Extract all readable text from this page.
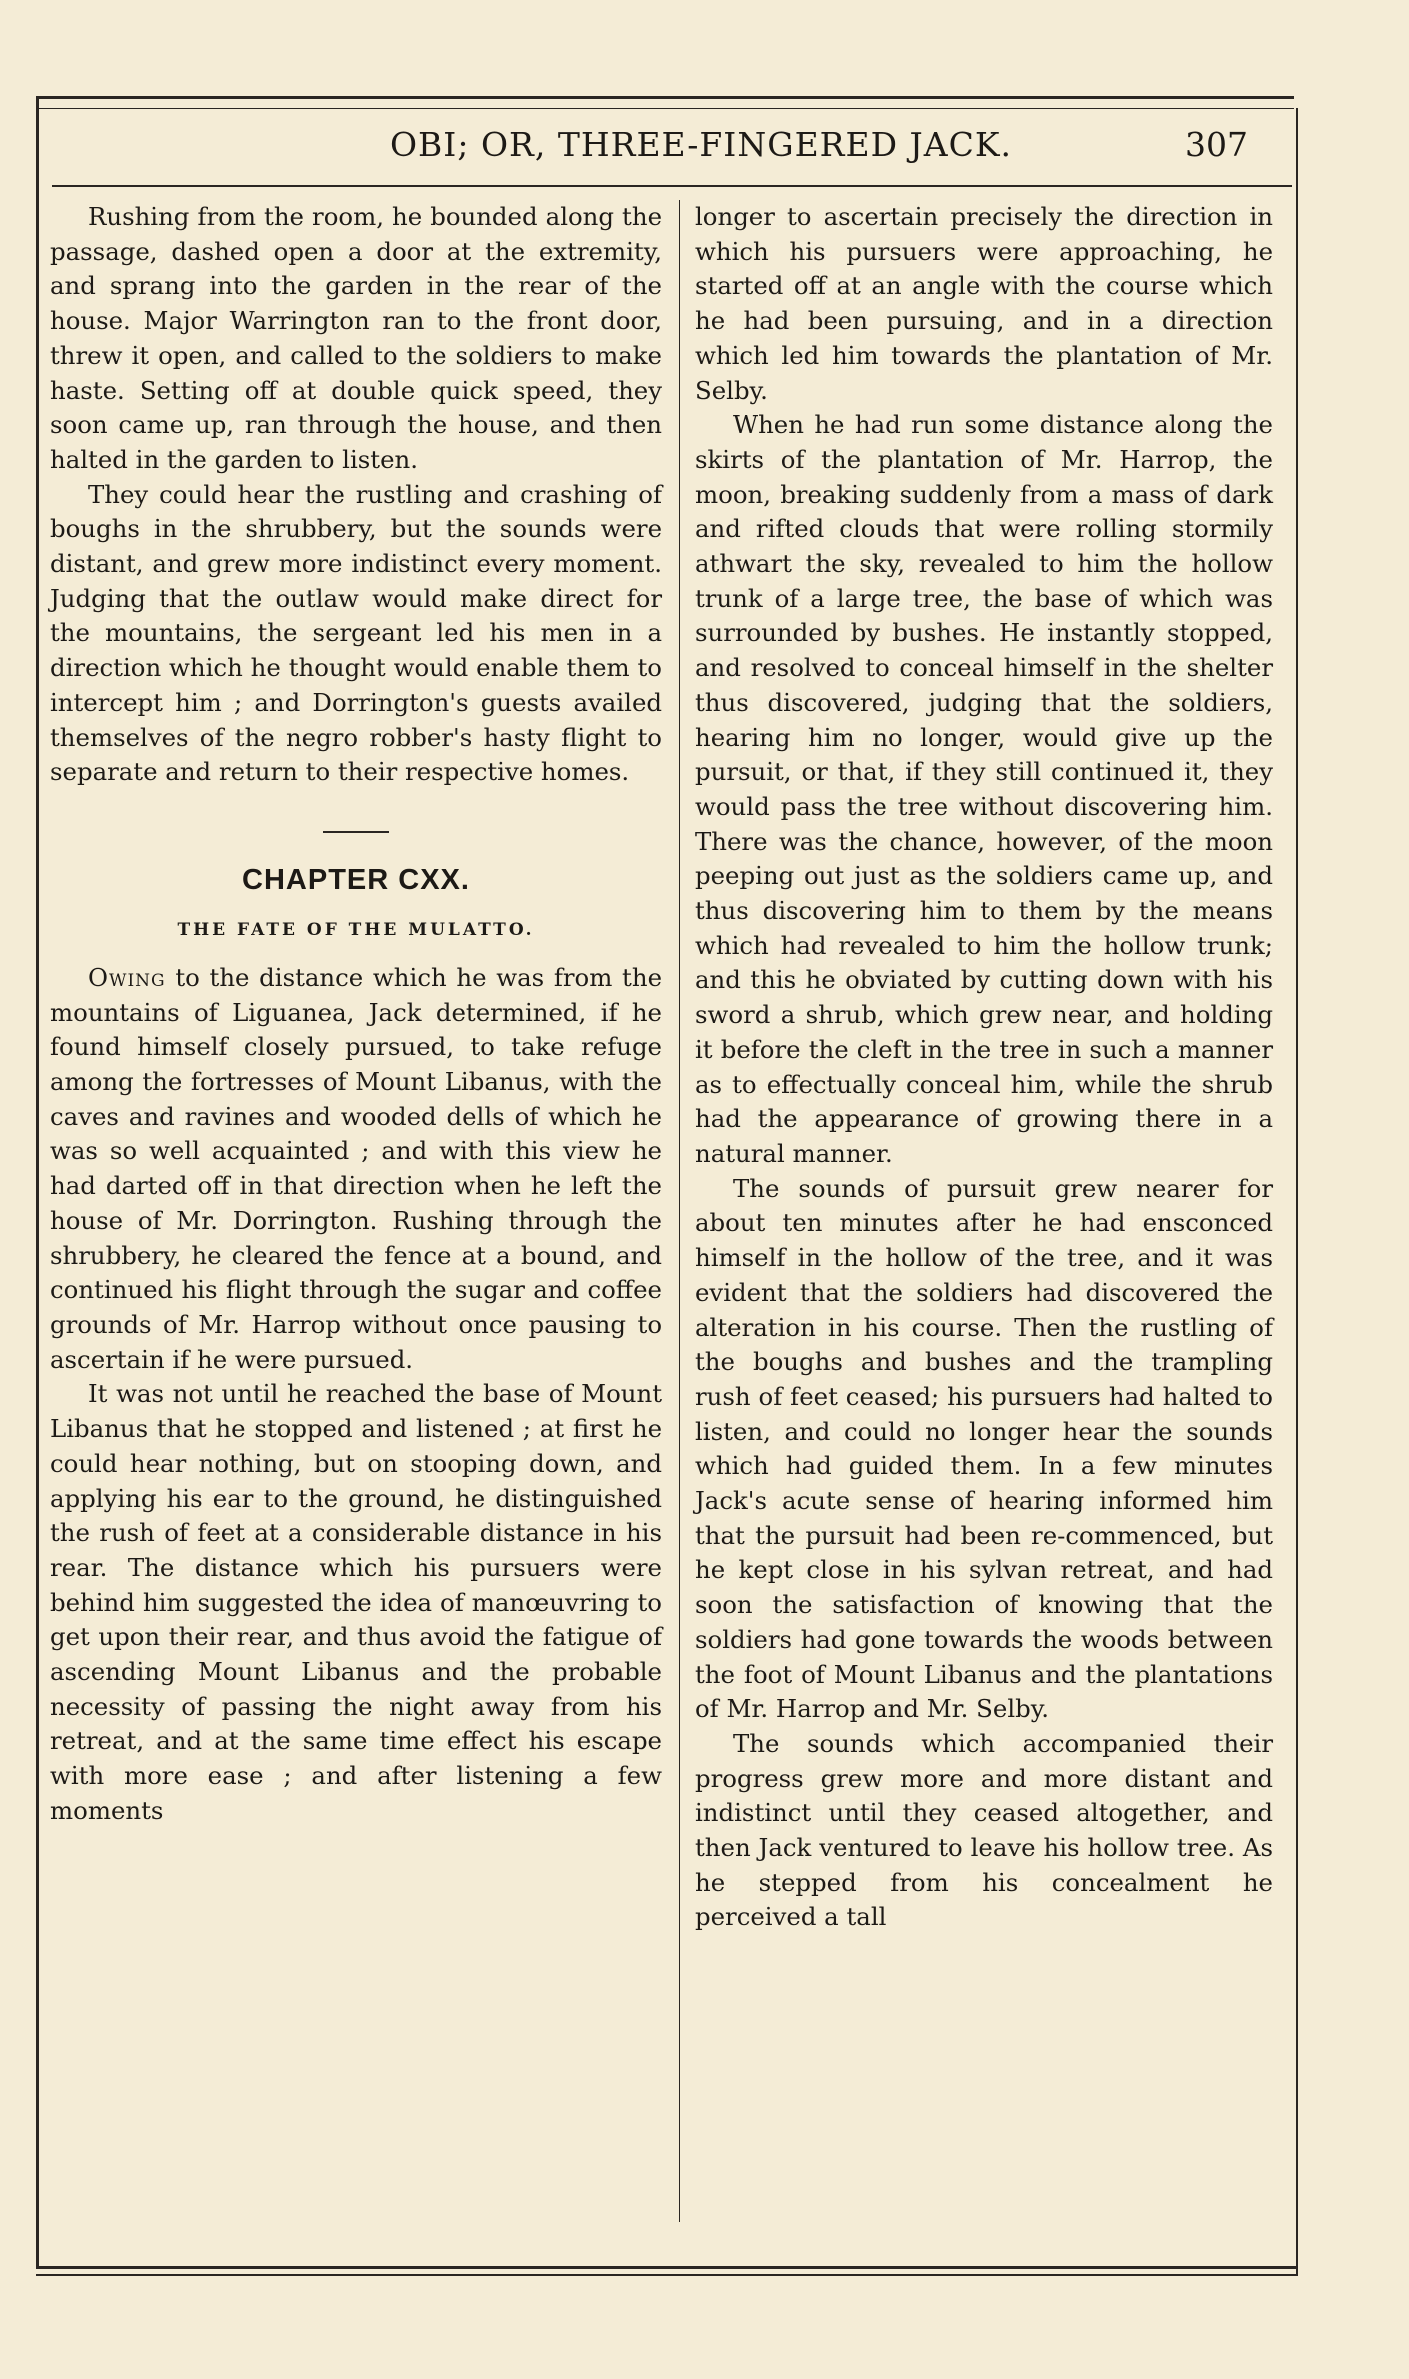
OBI; OR, THREE-FINGERED JACK.	307

Rushing from the room, he bounded along the passage, dashed open a door at the extremity, and sprang into the garden in the rear of the house. Major Warrington ran to the front door, threw it open, and called to the soldiers to make haste. Setting off at double quick speed, they soon came up, ran through the house, and then halted in the garden to listen.

They could hear the rustling and crashing of boughs in the shrubbery, but the sounds were distant, and grew more indistinct every moment. Judging that the outlaw would make direct for the mountains, the sergeant led his men in a direction which he thought would enable them to intercept him ; and Dorrington's guests availed themselves of the negro robber's hasty flight to separate and return to their respective homes.

CHAPTER CXX.
THE FATE OF THE MULATTO.

Owing to the distance which he was from the mountains of Liguanea, Jack determined, if he found himself closely pursued, to take refuge among the fortresses of Mount Libanus, with the caves and ravines and wooded dells of which he was so well acquainted ; and with this view he had darted off in that direction when he left the house of Mr. Dorrington. Rushing through the shrubbery, he cleared the fence at a bound, and continued his flight through the sugar and coffee grounds of Mr. Harrop without once pausing to ascertain if he were pursued.

It was not until he reached the base of Mount Libanus that he stopped and listened ; at first he could hear nothing, but on stooping down, and applying his ear to the ground, he distinguished the rush of feet at a considerable distance in his rear. The distance which his pursuers were behind him suggested the idea of manœuvring to get upon their rear, and thus avoid the fatigue of ascending Mount Libanus and the probable necessity of passing the night away from his retreat, and at the same time effect his escape with more ease ; and after listening a few moments

longer to ascertain precisely the direction in which his pursuers were approaching, he started off at an angle with the course which he had been pursuing, and in a direction which led him towards the plantation of Mr. Selby.

When he had run some distance along the skirts of the plantation of Mr. Harrop, the moon, breaking suddenly from a mass of dark and rifted clouds that were rolling stormily athwart the sky, revealed to him the hollow trunk of a large tree, the base of which was surrounded by bushes. He instantly stopped, and resolved to conceal himself in the shelter thus discovered, judging that the soldiers, hearing him no longer, would give up the pursuit, or that, if they still continued it, they would pass the tree without discovering him. There was the chance, however, of the moon peeping out just as the soldiers came up, and thus discovering him to them by the means which had revealed to him the hollow trunk; and this he obviated by cutting down with his sword a shrub, which grew near, and holding it before the cleft in the tree in such a manner as to effectually conceal him, while the shrub had the appearance of growing there in a natural manner.

The sounds of pursuit grew nearer for about ten minutes after he had ensconced himself in the hollow of the tree, and it was evident that the soldiers had discovered the alteration in his course. Then the rustling of the boughs and bushes and the trampling rush of feet ceased; his pursuers had halted to listen, and could no longer hear the sounds which had guided them. In a few minutes Jack's acute sense of hearing informed him that the pursuit had been re-commenced, but he kept close in his sylvan retreat, and had soon the satisfaction of knowing that the soldiers had gone towards the woods between the foot of Mount Libanus and the plantations of Mr. Harrop and Mr. Selby.

The sounds which accompanied their progress grew more and more distant and indistinct until they ceased altogether, and then Jack ventured to leave his hollow tree. As he stepped from his concealment he perceived a tall
